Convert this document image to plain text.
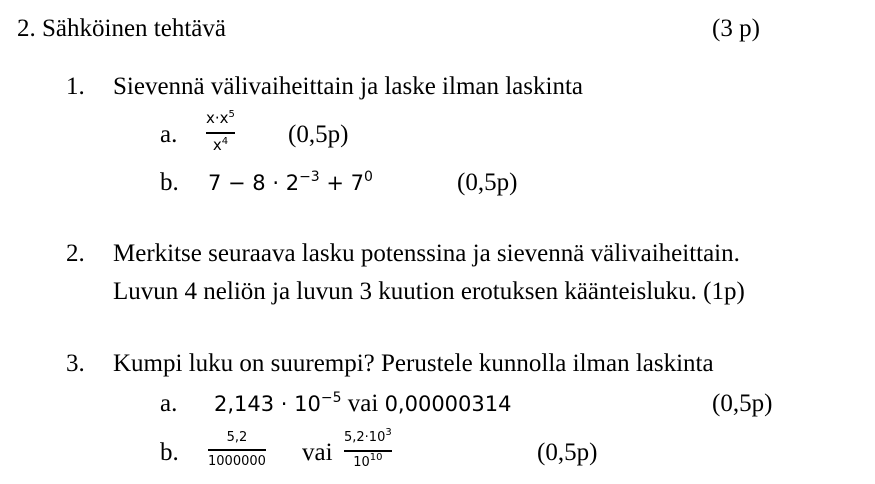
2. Sähköinen tehtävä	(3 p)
1. Sievennä välivaiheittain ja laske ilman laskinta
a.
$x\cdot x^5$
$x^4$ (0,5p)
b. $7 - 8 \cdot 2^{-3} + 7^0$	(0,5p)
2. Merkitse seuraava lasku potenssina ja sievennä välivaiheittain.
Luvun 4 neliön ja luvun 3 kuution erotuksen käänteisluku. (1p)
3. Kumpi luku on suurempi? Perustele kunnolla ilman laskinta
a. 2,143 · 10−5 vai 0,00000314	(0,5p)
b.
5,2
1000000 vai
$5,2\cdot 10^3$
$10^{10}$	(0,5p)
